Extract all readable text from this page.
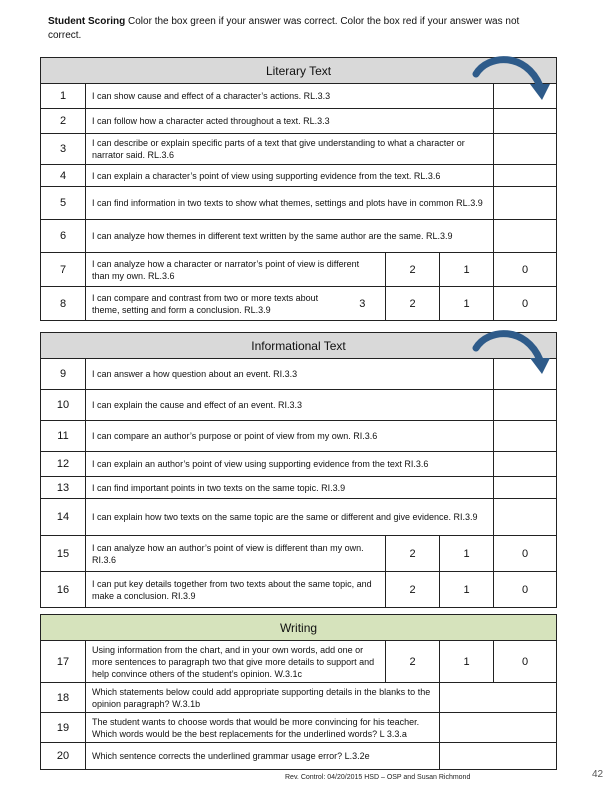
Student Scoring Color the box green if your answer was correct. Color the box red if your answer was not correct.
Literary Text					
1	I can show cause and effect of a character’s actions. RL.3.3				
2	I can follow how a character acted throughout a text. RL.3.3				
3	I can describe or explain specific parts of a text that give understanding to what a character or narrator said. RL.3.6				
4	I can explain a character’s point of view using supporting evidence from the text. RL.3.6				
5	I can find information in two texts to show what themes, settings and plots have in common RL.3.9				
6	I can analyze how themes in different text written by the same author are the same. RL.3.9				
7	I can analyze how a character or narrator’s point of view is different than my own. RL.3.6		2	1	0
8	I can compare and contrast from two or more texts about theme, setting and form a conclusion. RL.3.9	3	2	1	0
Informational Text				
9	I can answer a how question about an event. RI.3.3			
10	I can explain the cause and effect of an event. RI.3.3			
11	I can compare an author’s purpose or point of view from my own. RI.3.6			
12	I can explain an author’s point of view using supporting evidence from the text RI.3.6			
13	I can find important points in two texts on the same topic. RI.3.9			
14	I can explain how two texts on the same topic are the same or different and give evidence. RI.3.9			
15	I can analyze how an author’s point of view is different than my own. RI.3.6	2	1	0
16	I can put key details together from two texts about the same topic, and make a conclusion. RI.3.9	2	1	0
Writing				
17	Using information from the chart, and in your own words, add one or more sentences to paragraph two that give more details to support and help convince others of the student’s opinion. W.3.1c	2	1	0
18	Which statements below could add appropriate supporting details in the blanks to the opinion paragraph? W.3.1b			
19	The student wants to choose words that would be more convincing for his teacher. Which words would be the best replacements for the underlined words? L 3.3.a			
20	Which sentence corrects the underlined grammar usage error? L.3.2e			
Rev. Control: 04/20/2015 HSD – OSP and Susan Richmond	42
